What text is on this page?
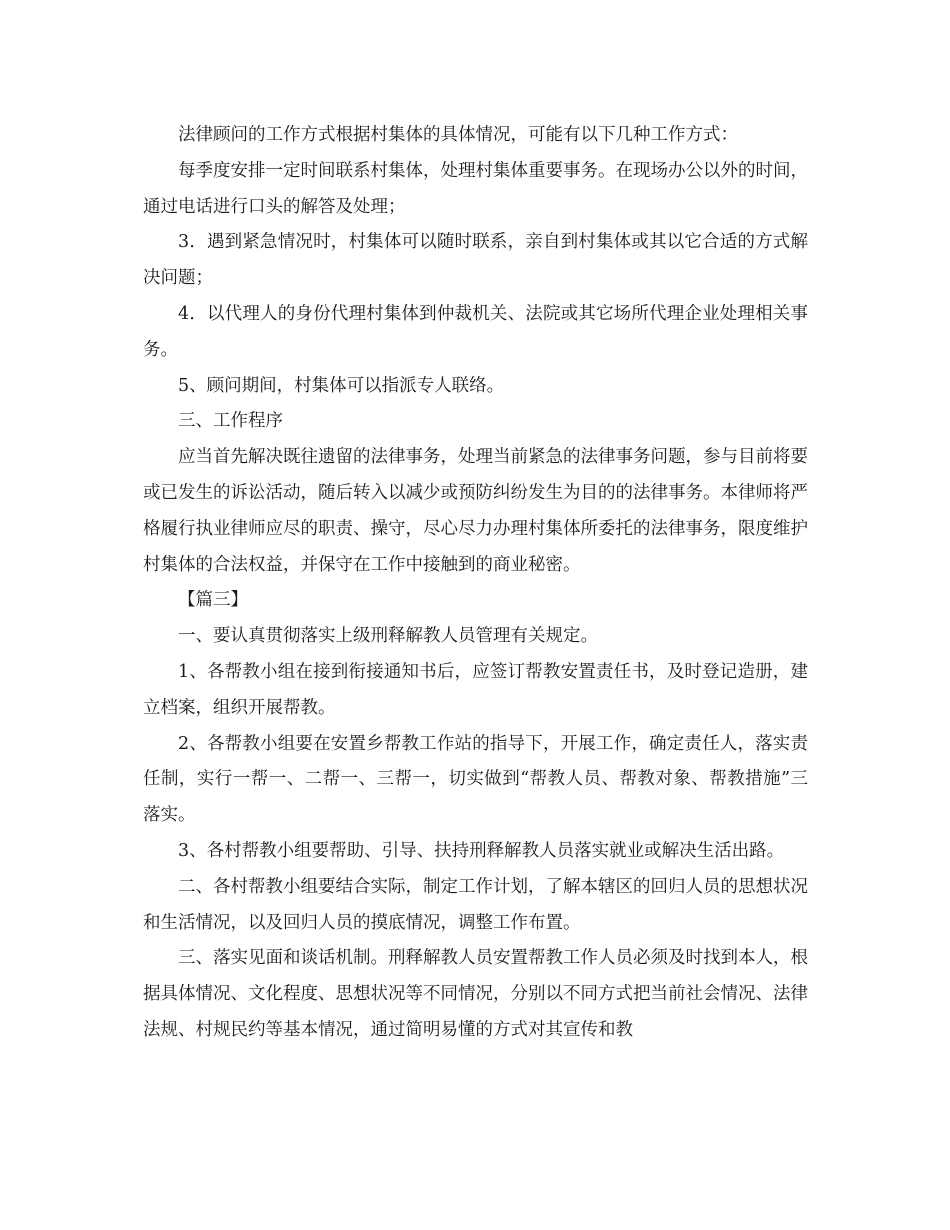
法律顾问的工作方式根据村集体的具体情况，可能有以下几种工作方式：

每季度安排一定时间联系村集体，处理村集体重要事务。在现场办公以外的时间，通过电话进行口头的解答及处理；

3．遇到紧急情况时，村集体可以随时联系，亲自到村集体或其以它合适的方式解决问题；

4．以代理人的身份代理村集体到仲裁机关、法院或其它场所代理企业处理相关事务。

5、顾问期间，村集体可以指派专人联络。

三、工作程序

应当首先解决既往遗留的法律事务，处理当前紧急的法律事务问题，参与目前将要或已发生的诉讼活动，随后转入以减少或预防纠纷发生为目的的法律事务。本律师将严格履行执业律师应尽的职责、操守，尽心尽力办理村集体所委托的法律事务，限度维护村集体的合法权益，并保守在工作中接触到的商业秘密。

【篇三】

一、要认真贯彻落实上级刑释解教人员管理有关规定。

1、各帮教小组在接到衔接通知书后，应签订帮教安置责任书，及时登记造册，建立档案，组织开展帮教。

2、各帮教小组要在安置乡帮教工作站的指导下，开展工作，确定责任人，落实责任制，实行一帮一、二帮一、三帮一，切实做到“帮教人员、帮教对象、帮教措施”三落实。

3、各村帮教小组要帮助、引导、扶持刑释解教人员落实就业或解决生活出路。

二、各村帮教小组要结合实际，制定工作计划，了解本辖区的回归人员的思想状况和生活情况，以及回归人员的摸底情况，调整工作布置。

三、落实见面和谈话机制。刑释解教人员安置帮教工作人员必须及时找到本人，根据具体情况、文化程度、思想状况等不同情况，分别以不同方式把当前社会情况、法律法规、村规民约等基本情况，通过简明易懂的方式对其宣传和教
